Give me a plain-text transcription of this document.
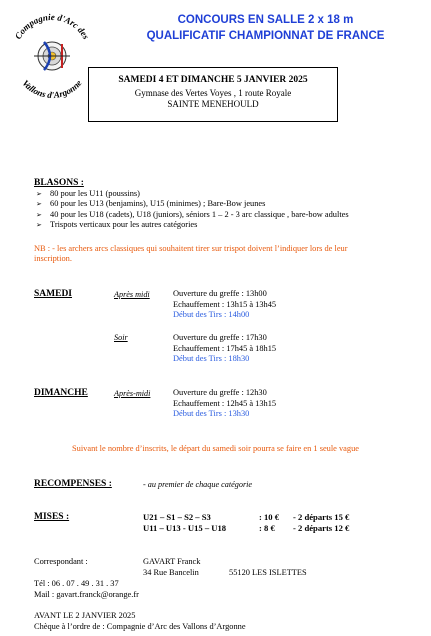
Compagnie d'Arc des
Vallons d'Argonne
CONCOURS EN SALLE 2 x 18 m
QUALIFICATIF CHAMPIONNAT DE FRANCE
SAMEDI 4 ET DIMANCHE 5 JANVIER 2025
Gymnase des Vertes Voyes , 1 route Royale
SAINTE MENEHOULD
BLASONS :
➢ 80 pour les U11 (poussins)
➢ 60 pour les U13 (benjamins), U15 (minimes) ; Bare-Bow jeunes
➢ 40 pour les U18 (cadets), U18 (juniors), séniors 1 – 2 - 3 arc classique , bare-bow adultes
➢ Trispots verticaux pour les autres catégories
NB : - les archers arcs classiques qui souhaitent tirer sur trispot doivent l’indiquer lors de leur
inscription.
SAMEDI	Après midi	Ouverture du greffe : 13h00
Echauffement : 13h15 à 13h45
Début des Tirs : 14h00
Soir	Ouverture du greffe : 17h30
Echauffement : 17h45 à 18h15
Début des Tirs : 18h30
DIMANCHE	Après-midi	Ouverture du greffe : 12h30
Echauffement : 12h45 à 13h15
Début des Tirs : 13h30
Suivant le nombre d’inscrits, le départ du samedi soir pourra se faire en 1 seule vague
RECOMPENSES :	- au premier de chaque catégorie
MISES :	U21 – S1 – S2 – S3	: 10 € - 2 départs 15 €
U11 – U13 - U15 – U18	: 8 € - 2 départs 12 €
Correspondant :	GAVART Franck
34 Rue Bancelin	55120 LES ISLETTES
Tél : 06 . 07 . 49 . 31 . 37
Mail : gavart.franck@orange.fr
AVANT LE 2 JANVIER 2025
Chèque à l’ordre de : Compagnie d’Arc des Vallons d’Argonne
